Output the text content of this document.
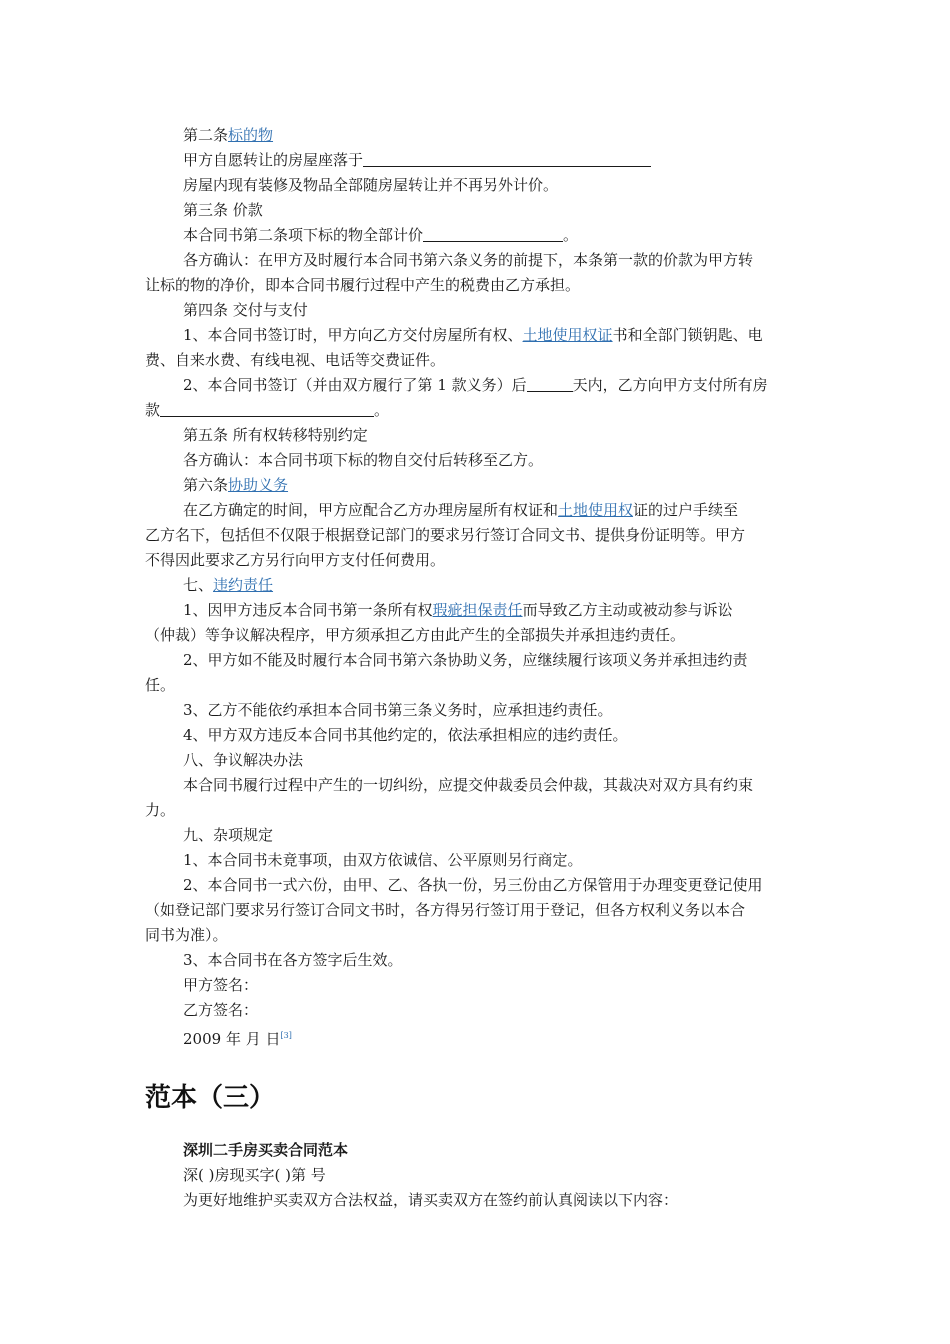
第二条标的物
甲方自愿转让的房屋座落于
房屋内现有装修及物品全部随房屋转让并不再另外计价。
第三条 价款
本合同书第二条项下标的物全部计价	。
各方确认：在甲方及时履行本合同书第六条义务的前提下，本条第一款的价款为甲方转
让标的物的净价，即本合同书履行过程中产生的税费由乙方承担。
第四条 交付与支付
1、本合同书签订时，甲方向乙方交付房屋所有权、土地使用权证书和全部门锁钥匙、电
费、自来水费、有线电视、电话等交费证件。
2、本合同书签订（并由双方履行了第 1 款义务）后	天内，乙方向甲方支付所有房
款	。
第五条 所有权转移特别约定
各方确认：本合同书项下标的物自交付后转移至乙方。
第六条协助义务
在乙方确定的时间，甲方应配合乙方办理房屋所有权证和土地使用权证的过户手续至
乙方名下，包括但不仅限于根据登记部门的要求另行签订合同文书、提供身份证明等。甲方
不得因此要求乙方另行向甲方支付任何费用。
七、违约责任
1、因甲方违反本合同书第一条所有权瑕疵担保责任而导致乙方主动或被动参与诉讼
（仲裁）等争议解决程序，甲方须承担乙方由此产生的全部损失并承担违约责任。
2、甲方如不能及时履行本合同书第六条协助义务，应继续履行该项义务并承担违约责
任。
3、乙方不能依约承担本合同书第三条义务时，应承担违约责任。
4、甲方双方违反本合同书其他约定的，依法承担相应的违约责任。
八、争议解决办法
本合同书履行过程中产生的一切纠纷，应提交仲裁委员会仲裁，其裁决对双方具有约束
力。
九、杂项规定
1、本合同书未竟事项，由双方依诚信、公平原则另行商定。
2、本合同书一式六份，由甲、乙、各执一份，另三份由乙方保管用于办理变更登记使用
（如登记部门要求另行签订合同文书时，各方得另行签订用于登记，但各方权利义务以本合
同书为准）。
3、本合同书在各方签字后生效。
甲方签名：
乙方签名：
2009 年 月 日[3]
范本（三）
深圳二手房买卖合同范本
深( )房现买字( )第 号
为更好地维护买卖双方合法权益，请买卖双方在签约前认真阅读以下内容：
